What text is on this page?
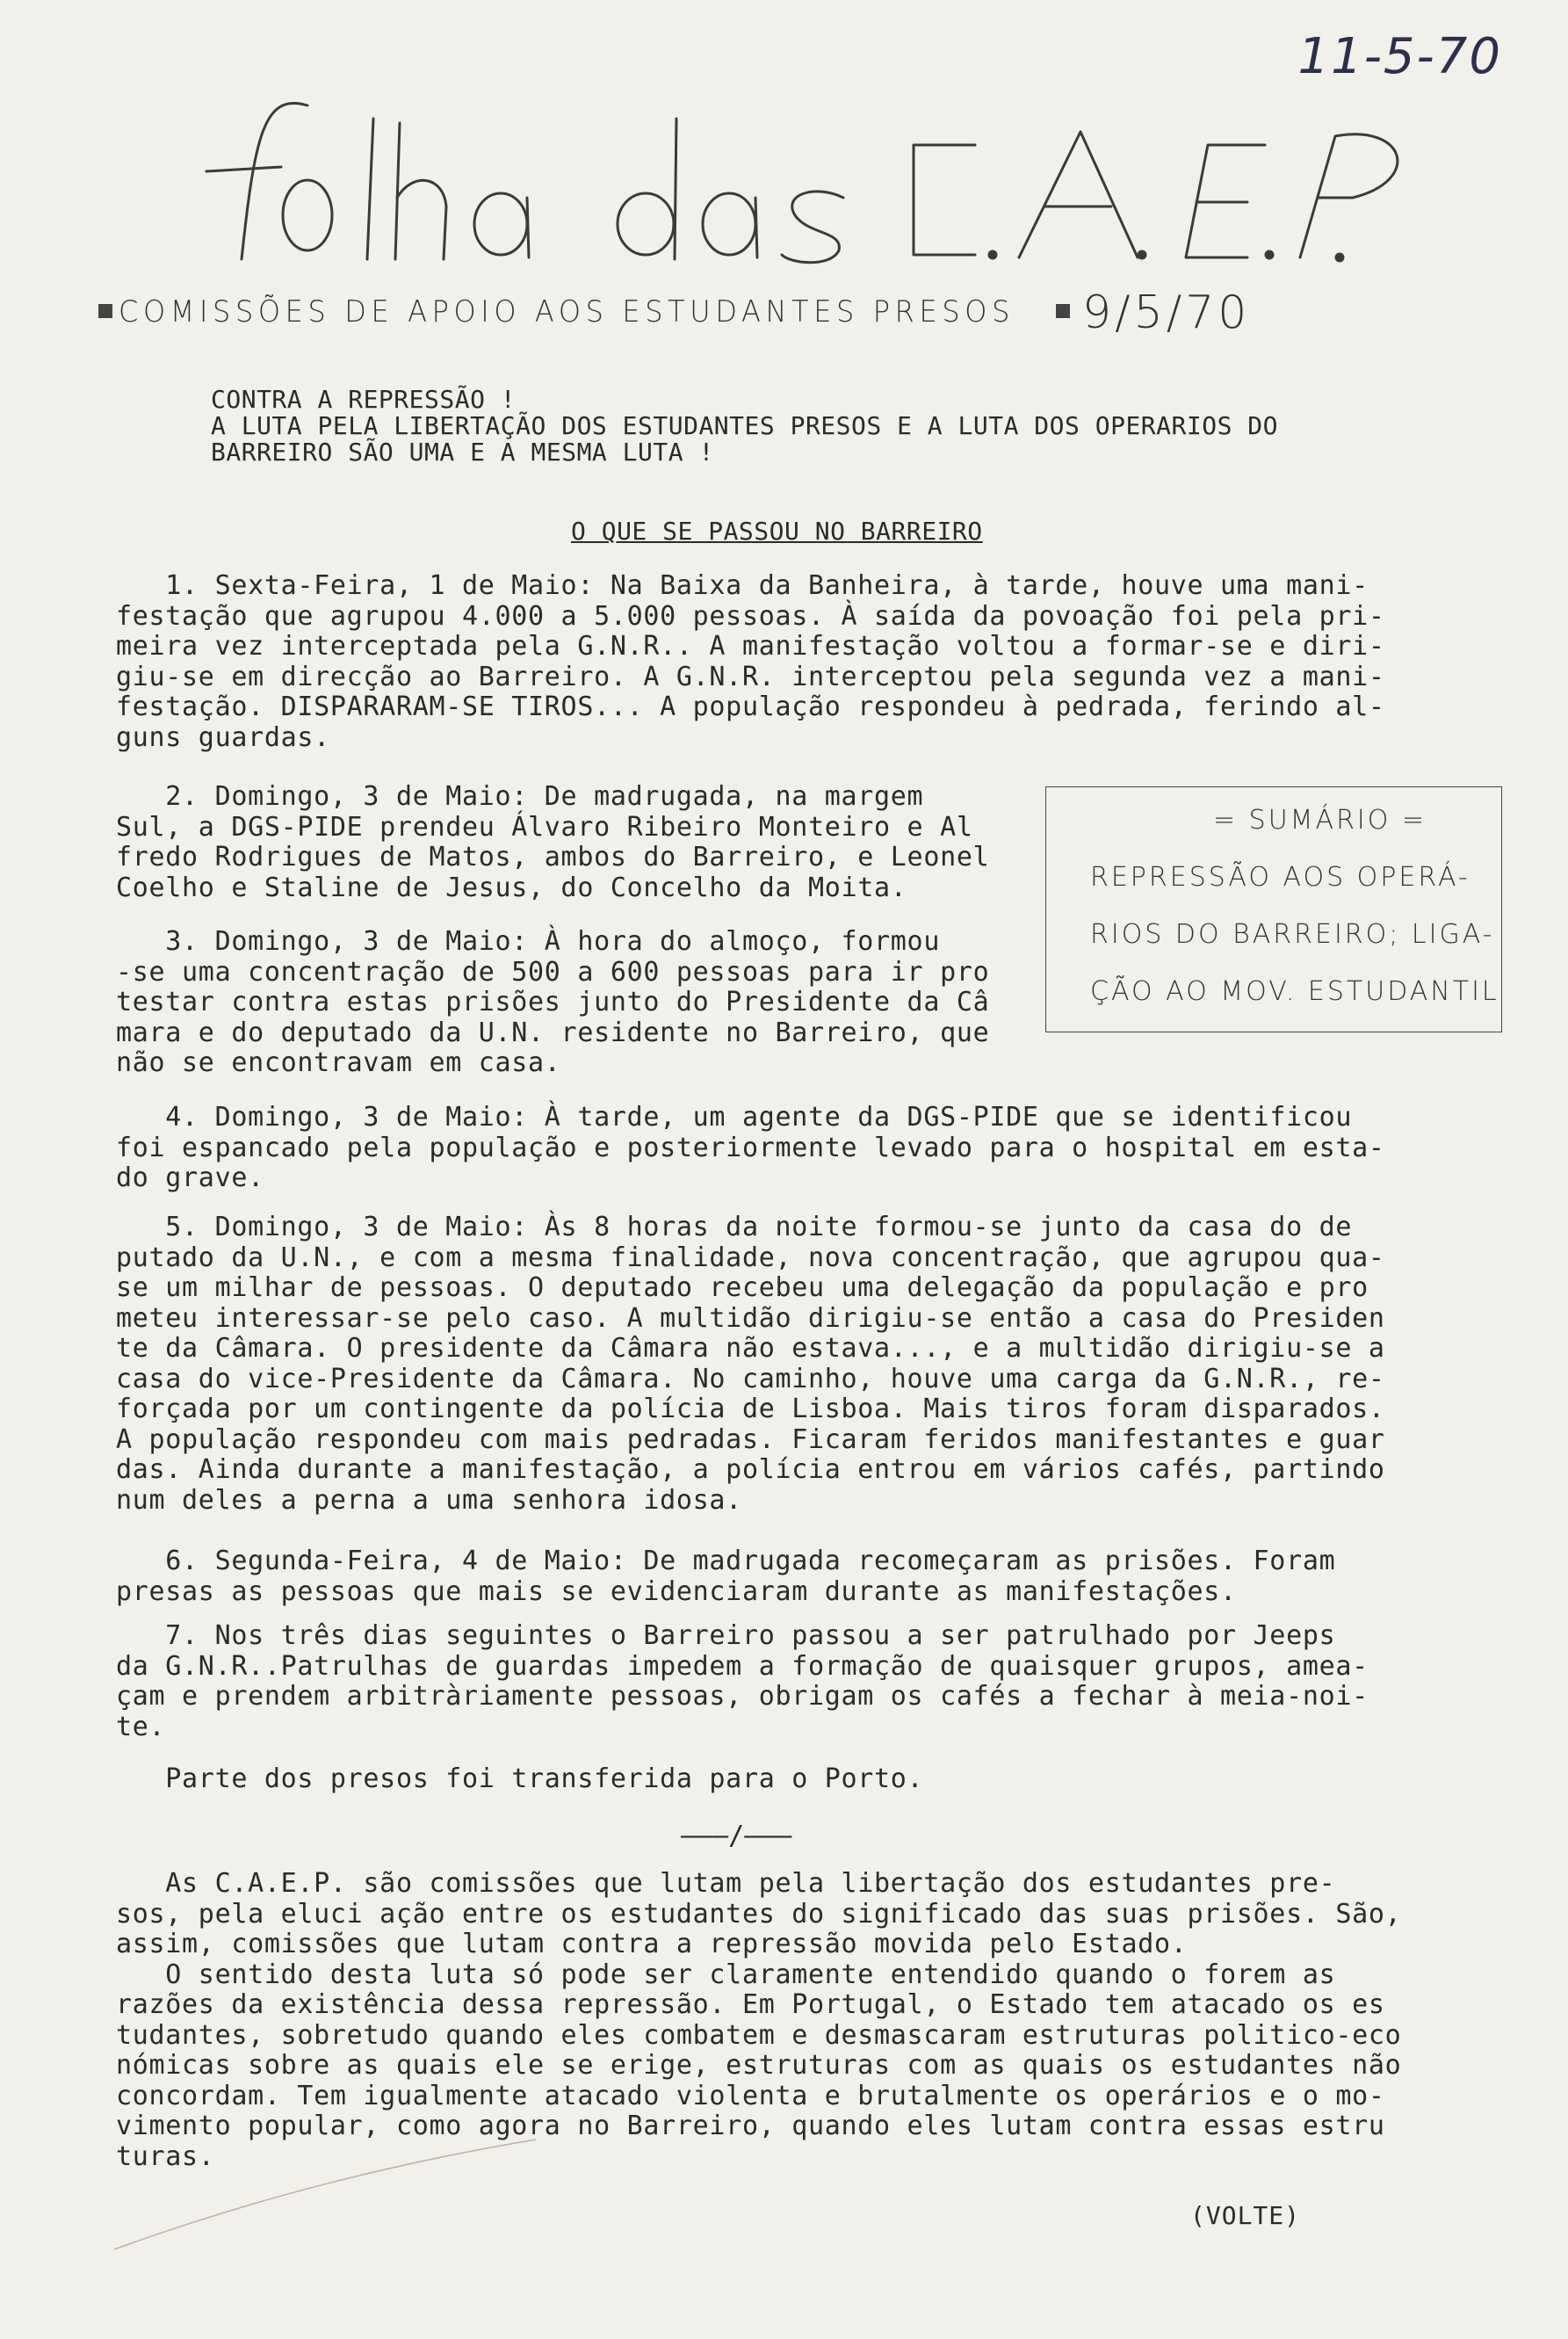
11-5-70
COMISSÕES DE APOIO AOS ESTUDANTES PRESOS 9/5/70
CONTRA A REPRESSÃO !
A LUTA PELA LIBERTAÇÃO DOS ESTUDANTES PRESOS E A LUTA DOS OPERARIOS DO
BARREIRO SÃO UMA E A MESMA LUTA !
O QUE SE PASSOU NO BARREIRO
1. Sexta-Feira, 1 de Maio: Na Baixa da Banheira, à tarde, houve uma mani-
festação que agrupou 4.000 a 5.000 pessoas. À saída da povoação foi pela pri-
meira vez interceptada pela G.N.R.. A manifestação voltou a formar-se e diri-
giu-se em direcção ao Barreiro. A G.N.R. interceptou pela segunda vez a mani-
festação. DISPARARAM-SE TIROS... A população respondeu à pedrada, ferindo al-
guns guardas.
2. Domingo, 3 de Maio: De madrugada, na margem
Sul, a DGS-PIDE prendeu Álvaro Ribeiro Monteiro e Al
fredo Rodrigues de Matos, ambos do Barreiro, e Leonel
Coelho e Staline de Jesus, do Concelho da Moita.
3. Domingo, 3 de Maio: À hora do almoço, formou
-se uma concentração de 500 a 600 pessoas para ir pro
testar contra estas prisões junto do Presidente da Câ
mara e do deputado da U.N. residente no Barreiro, que
não se encontravam em casa.
= SUMÁRIO =
REPRESSÃO AOS OPERÁ-
RIOS DO BARREIRO; LIGA-
ÇÃO AO MOV. ESTUDANTIL
4. Domingo, 3 de Maio: À tarde, um agente da DGS-PIDE que se identificou
foi espancado pela população e posteriormente levado para o hospital em esta-
do grave.
5. Domingo, 3 de Maio: Às 8 horas da noite formou-se junto da casa do de
putado da U.N., e com a mesma finalidade, nova concentração, que agrupou qua-
se um milhar de pessoas. O deputado recebeu uma delegação da população e pro
meteu interessar-se pelo caso. A multidão dirigiu-se então a casa do Presiden
te da Câmara. O presidente da Câmara não estava..., e a multidão dirigiu-se a
casa do vice-Presidente da Câmara. No caminho, houve uma carga da G.N.R., re-
forçada por um contingente da polícia de Lisboa. Mais tiros foram disparados.
A população respondeu com mais pedradas. Ficaram feridos manifestantes e guar
das. Ainda durante a manifestação, a polícia entrou em vários cafés, partindo
num deles a perna a uma senhora idosa.
6. Segunda-Feira, 4 de Maio: De madrugada recomeçaram as prisões. Foram
presas as pessoas que mais se evidenciaram durante as manifestações.
7. Nos três dias seguintes o Barreiro passou a ser patrulhado por Jeeps
da G.N.R..Patrulhas de guardas impedem a formação de quaisquer grupos, ameа-
çam e prendem arbitràriamente pessoas, obrigam os cafés a fechar à meia-noi-
te.
Parte dos presos foi transferida para o Porto.
———/———
As C.A.E.P. são comissões que lutam pela libertação dos estudantes pre-
sos, pela eluci ação entre os estudantes do significado das suas prisões. São,
assim, comissões que lutam contra a repressão movida pelo Estado.
O sentido desta luta só pode ser claramente entendido quando o forem as
razões da existência dessa repressão. Em Portugal, o Estado tem atacado os es
tudantes, sobretudo quando eles combatem e desmascaram estruturas politico-eco
nómicas sobre as quais ele se erige, estruturas com as quais os estudantes não
concordam. Tem igualmente atacado violenta e brutalmente os operários e o mo-
vimento popular, como agora no Barreiro, quando eles lutam contra essas estru
turas.
(VOLTE)
